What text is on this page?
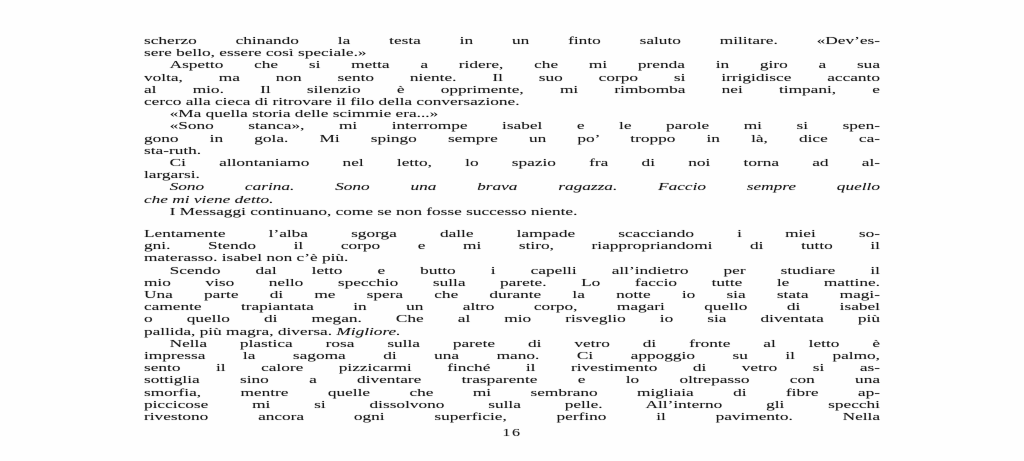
scherzo chinando la testa in un finto saluto militare. «Dev’es-
sere bello, essere così speciale.»
Aspetto che si metta a ridere, che mi prenda in giro a sua
volta, ma non sento niente. Il suo corpo si irrigidisce accanto
al mio. Il silenzio è opprimente, mi rimbomba nei timpani, e
cerco alla cieca di ritrovare il filo della conversazione.
«Ma quella storia delle scimmie era...»
«Sono stanca», mi interrompe isabel e le parole mi si spen-
gono in gola. Mi spingo sempre un po’ troppo in là, dice ca-
sta-ruth.
Ci allontaniamo nel letto, lo spazio fra di noi torna ad al-
largarsi.
Sono carina. Sono una brava ragazza. Faccio sempre quello
che mi viene detto.
I Messaggi continuano, come se non fosse successo niente.
Lentamente l’alba sgorga dalle lampade scacciando i miei so-
gni. Stendo il corpo e mi stiro, riappropriandomi di tutto il
materasso. isabel non c’è più.
Scendo dal letto e butto i capelli all’indietro per studiare il
mio viso nello specchio sulla parete. Lo faccio tutte le mattine.
Una parte di me spera che durante la notte io sia stata magi-
camente trapiantata in un altro corpo, magari quello di isabel
o quello di megan. Che al mio risveglio io sia diventata più
pallida, più magra, diversa. Migliore.
Nella plastica rosa sulla parete di vetro di fronte al letto è
impressa la sagoma di una mano. Ci appoggio su il palmo,
sento il calore pizzicarmi finché il rivestimento di vetro si as-
sottiglia sino a diventare trasparente e lo oltrepasso con una
smorfia, mentre quelle che mi sembrano migliaia di fibre ap-
piccicose mi si dissolvono sulla pelle. All’interno gli specchi
rivestono ancora ogni superficie, perfino il pavimento. Nella
16
